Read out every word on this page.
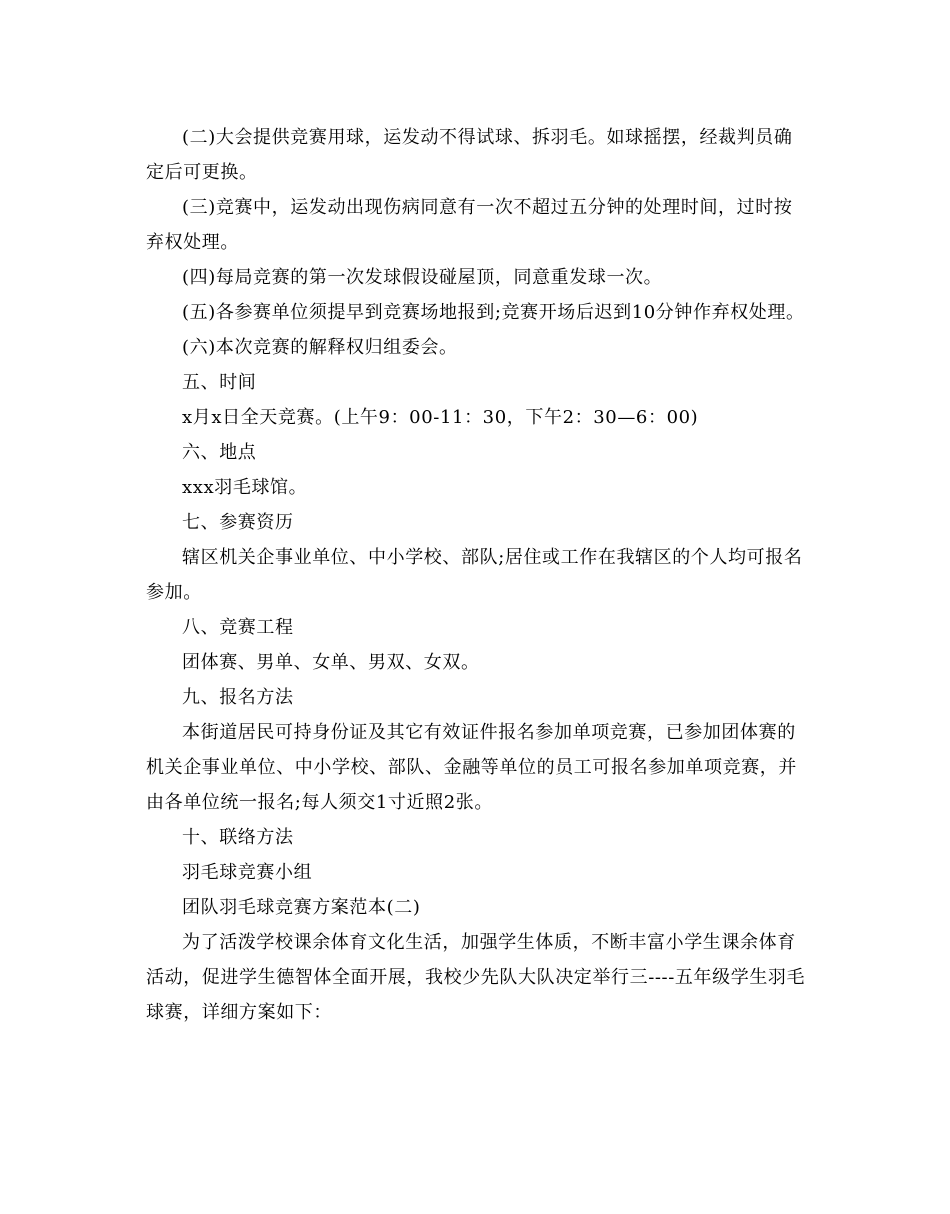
(二)大会提供竞赛用球，运发动不得试球、拆羽毛。如球摇摆，经裁判员确定后可更换。

(三)竞赛中，运发动出现伤病同意有一次不超过五分钟的处理时间，过时按弃权处理。

(四)每局竞赛的第一次发球假设碰屋顶，同意重发球一次。

(五)各参赛单位须提早到竞赛场地报到;竞赛开场后迟到10分钟作弃权处理。

(六)本次竞赛的解释权归组委会。

五、时间

x月x日全天竞赛。(上午9：00-11：30，下午2：30—6：00)

六、地点

xxx羽毛球馆。

七、参赛资历

辖区机关企事业单位、中小学校、部队;居住或工作在我辖区的个人均可报名参加。

八、竞赛工程

团体赛、男单、女单、男双、女双。

九、报名方法

本街道居民可持身份证及其它有效证件报名参加单项竞赛，已参加团体赛的机关企事业单位、中小学校、部队、金融等单位的员工可报名参加单项竞赛，并由各单位统一报名;每人须交1寸近照2张。

十、联络方法

羽毛球竞赛小组

团队羽毛球竞赛方案范本(二)

为了活泼学校课余体育文化生活，加强学生体质，不断丰富小学生课余体育活动，促进学生德智体全面开展，我校少先队大队决定举行三----五年级学生羽毛球赛，详细方案如下：
